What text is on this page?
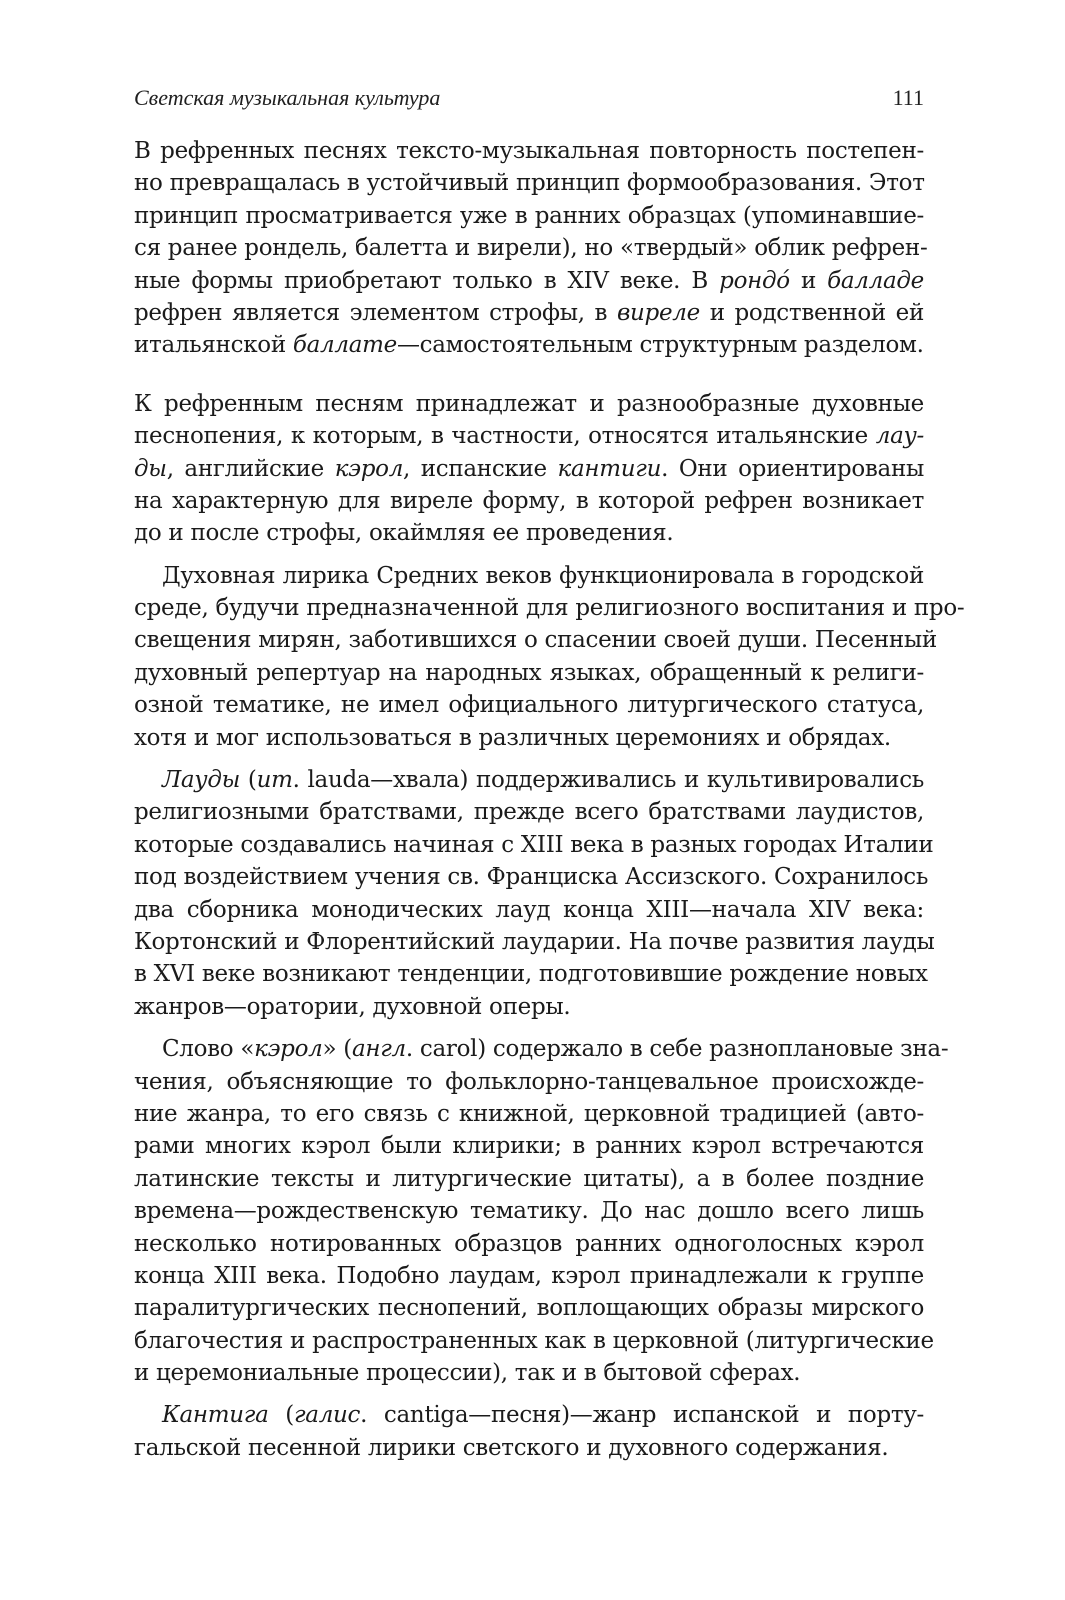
Светская музыкальная культура	111
В рефренных песнях тексто-музыкальная повторность постепен-
но превращалась в устойчивый принцип формообразования. Этот
принцип просматривается уже в ранних образцах (упоминавшие-
ся ранее рондель, балетта и вирели), но «твердый» облик рефрен-
ные формы приобретают только в XIV веке. В рондо́ и балладе
рефрен является элементом строфы, в виреле и родственной ей
итальянской баллате—самостоятельным структурным разделом.
К рефренным песням принадлежат и разнообразные духовные
песнопения, к которым, в частности, относятся итальянские лау-
ды, английские кэрол, испанские кантиги. Они ориентированы
на характерную для виреле форму, в которой рефрен возникает
до и после строфы, окаймляя ее проведения.
Духовная лирика Средних веков функционировала в городской
среде, будучи предназначенной для религиозного воспитания и про-
свещения мирян, заботившихся о спасении своей души. Песенный
духовный репертуар на народных языках, обращенный к религи-
озной тематике, не имел официального литургического статуса,
хотя и мог использоваться в различных церемониях и обрядах.
Лауды (ит. lauda—хвала) поддерживались и культивировались
религиозными братствами, прежде всего братствами лаудистов,
которые создавались начиная с XIII века в разных городах Италии
под воздействием учения св. Франциска Ассизского. Сохранилось
два сборника монодических лауд конца XIII—начала XIV века:
Кортонский и Флорентийский лаударии. На почве развития лауды
в XVI веке возникают тенденции, подготовившие рождение новых
жанров—оратории, духовной оперы.
Слово «кэрол» (англ. carol) содержало в себе разноплановые зна-
чения, объясняющие то фольклорно-танцевальное происхожде-
ние жанра, то его связь с книжной, церковной традицией (авто-
рами многих кэрол были клирики; в ранних кэрол встречаются
латинские тексты и литургические цитаты), а в более поздние
времена—рождественскую тематику. До нас дошло всего лишь
несколько нотированных образцов ранних одноголосных кэрол
конца XIII века. Подобно лаудам, кэрол принадлежали к группе
паралитургических песнопений, воплощающих образы мирского
благочестия и распространенных как в церковной (литургические
и церемониальные процессии), так и в бытовой сферах.
Кантига (галис. cantiga—песня)—жанр испанской и порту-
гальской песенной лирики светского и духовного содержания.
